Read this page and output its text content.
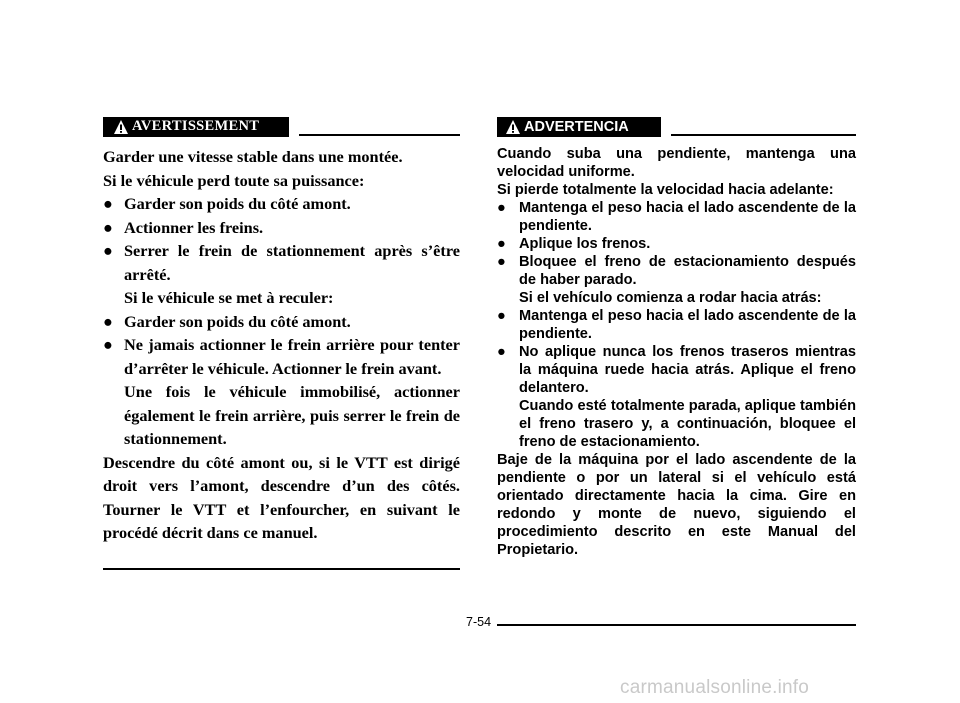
AVERTISSEMENT

Garder une vitesse stable dans une montée.

Si le véhicule perd toute sa puissance:

● Garder son poids du côté amont.
● Actionner les freins.
● Serrer le frein de stationnement après s’être arrêté.
Si le véhicule se met à reculer:
● Garder son poids du côté amont.
● Ne jamais actionner le frein arrière pour tenter d’arrêter le véhicule. Actionner le frein avant.
Une fois le véhicule immobilisé, actionner également le frein arrière, puis serrer le frein de stationnement.

Descendre du côté amont ou, si le VTT est dirigé droit vers l’amont, descendre d’un des côtés. Tourner le VTT et l’enfourcher, en suivant le procédé décrit dans ce manuel.

ADVERTENCIA

Cuando suba una pendiente, mantenga una velocidad uniforme.

Si pierde totalmente la velocidad hacia adelante:

● Mantenga el peso hacia el lado ascendente de la pendiente.
● Aplique los frenos.
● Bloquee el freno de estacionamiento después de haber parado.
Si el vehículo comienza a rodar hacia atrás:
● Mantenga el peso hacia el lado ascendente de la pendiente.
● No aplique nunca los frenos traseros mientras la máquina ruede hacia atrás. Aplique el freno delantero.
Cuando esté totalmente parada, aplique también el freno trasero y, a continuación, bloquee el freno de estacionamiento.

Baje de la máquina por el lado ascendente de la pendiente o por un lateral si el vehículo está orientado directamente hacia la cima. Gire en redondo y monte de nuevo, siguiendo el procedimiento descrito en este Manual del Propietario.

7-54
carmanualsonline.info
